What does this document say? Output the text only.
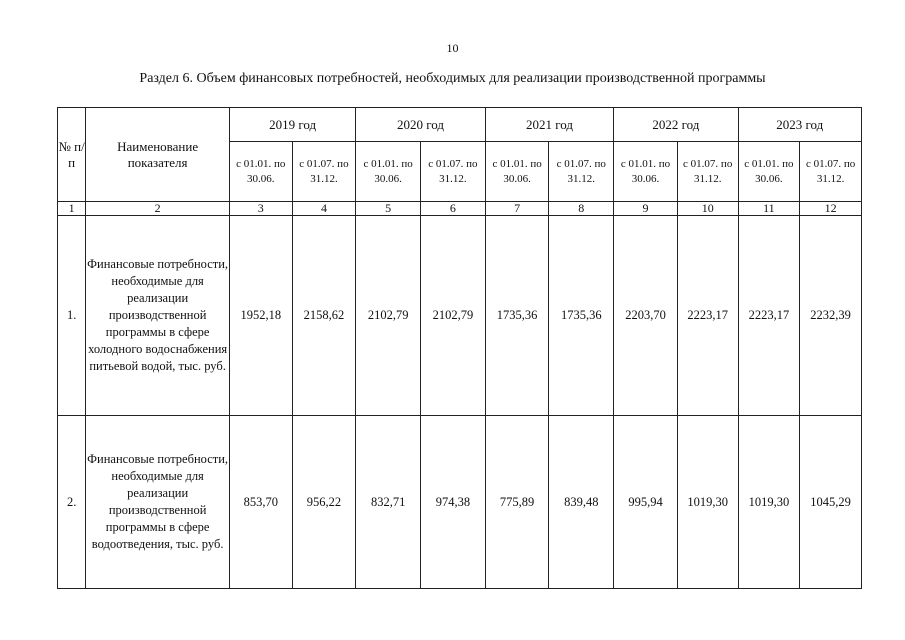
10
Раздел 6. Объем финансовых потребностей, необходимых для реализации производственной программы
№ п/п	Наименование показателя	2019 год		2020 год		2021 год		2022 год		2023 год	
		с 01.01. по 30.06.	с 01.07. по 31.12.	с 01.01. по 30.06.	с 01.07. по 31.12.	с 01.01. по 30.06.	с 01.07. по 31.12.	с 01.01. по 30.06.	с 01.07. по 31.12.	с 01.01. по 30.06.	с 01.07. по 31.12.
1	2	3	4	5	6	7	8	9	10	11	12
1.	Финансовые потребности, необходимые для реализации производственной программы в сфере холодного водоснабжения питьевой водой, тыс. руб.	1952,18	2158,62	2102,79	2102,79	1735,36	1735,36	2203,70	2223,17	2223,17	2232,39
2.	Финансовые потребности, необходимые для реализации производственной программы в сфере водоотведения, тыс. руб.	853,70	956,22	832,71	974,38	775,89	839,48	995,94	1019,30	1019,30	1045,29
